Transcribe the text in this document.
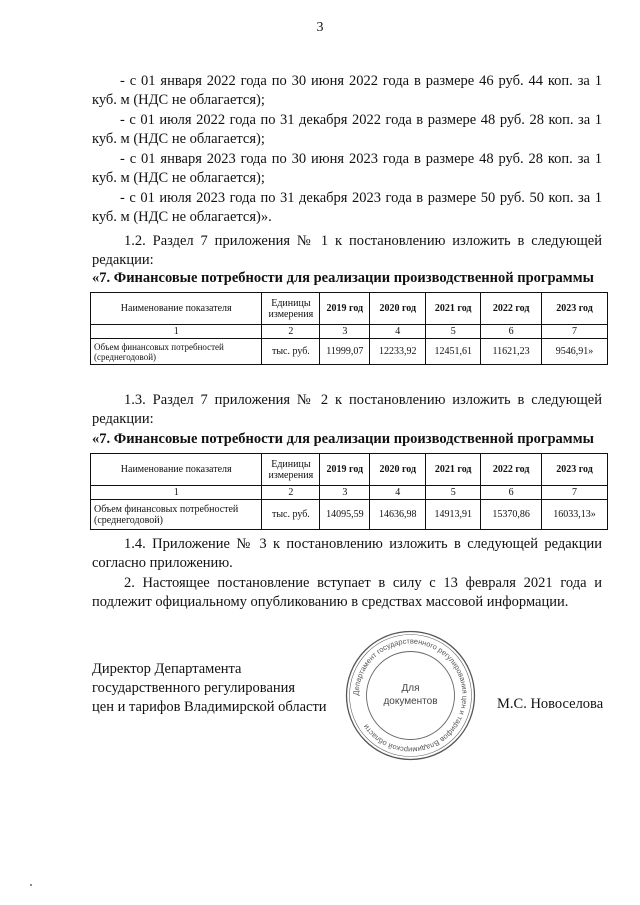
3
- с 01 января 2022 года по 30 июня 2022 года в размере 46 руб. 44 коп. за 1 куб. м (НДС не облагается);
- с 01 июля 2022 года по 31 декабря 2022 года в размере 48 руб. 28 коп. за 1 куб. м (НДС не облагается);
- с 01 января 2023 года по 30 июня 2023 года в размере 48 руб. 28 коп. за 1 куб. м (НДС не облагается);
- с 01 июля 2023 года по 31 декабря 2023 года в размере 50 руб. 50 коп. за 1 куб. м (НДС не облагается)».
1.2. Раздел 7 приложения № 1 к постановлению изложить в следующей редакции:
«7. Финансовые потребности для реализации производственной программы
Наименование показателя	Единицы измерения	2019 год	2020 год	2021 год	2022 год	2023 год
1	2	3	4	5	6	7
Объем финансовых потребностей (среднегодовой)	тыс. руб.	11999,07	12233,92	12451,61	11621,23	9546,91»
1.3. Раздел 7 приложения № 2 к постановлению изложить в следующей редакции:
«7. Финансовые потребности для реализации производственной программы
Наименование показателя	Единицы измерения	2019 год	2020 год	2021 год	2022 год	2023 год
1	2	3	4	5	6	7
Объем финансовых потребностей (среднегодовой)	тыс. руб.	14095,59	14636,98	14913,91	15370,86	16033,13»
1.4. Приложение № 3 к постановлению изложить в следующей редакции согласно приложению.
2. Настоящее постановление вступает в силу с 13 февраля 2021 года и подлежит официальному опубликованию в средствах массовой информации.
Директор Департамента
государственного регулирования
цен и тарифов Владимирской области
Департамент государственного регулирования цен и тарифов Владимирской области
Для
документов	М.С. Новоселова
